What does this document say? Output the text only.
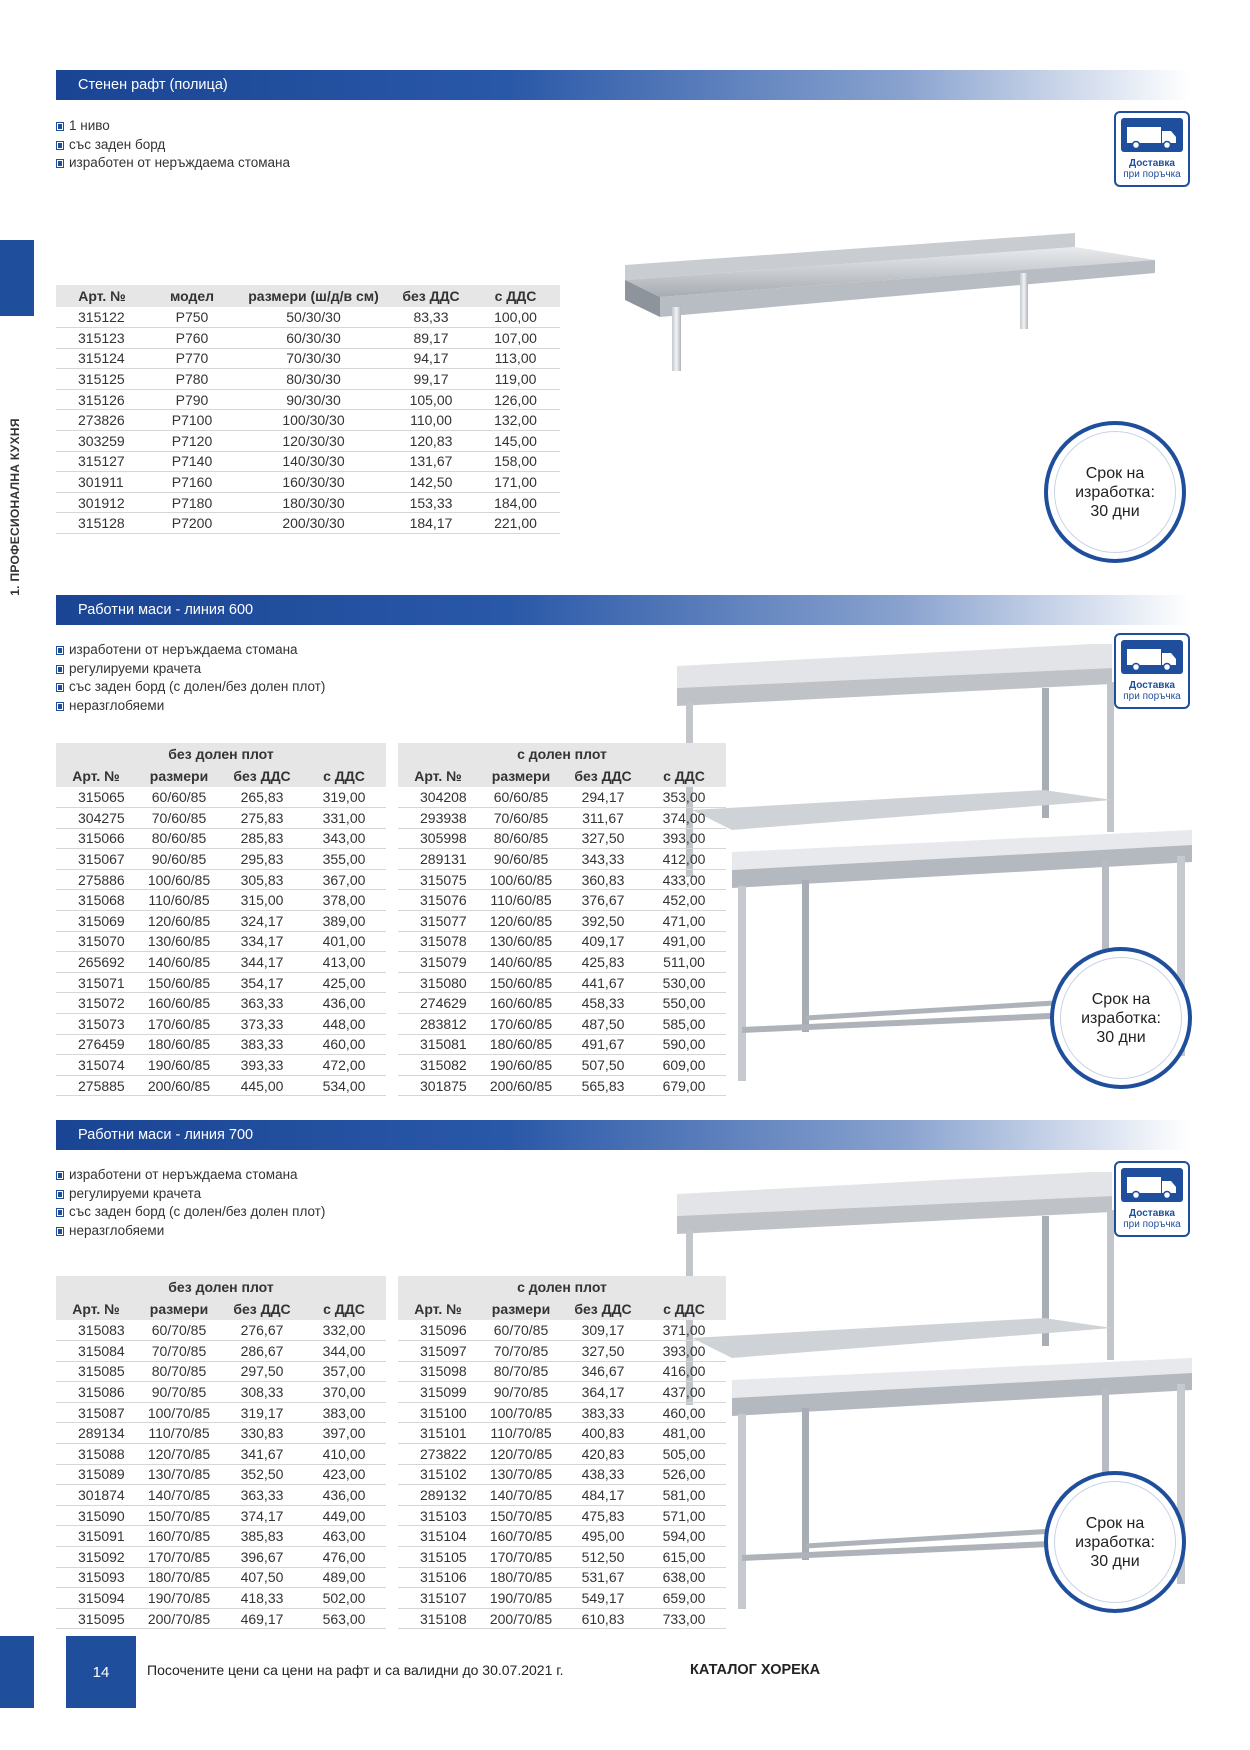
1. ПРОФЕСИОНАЛНА КУХНЯ
Стенен рафт (полица)
1 ниво
със заден борд
изработен от неръждаема стомана	Доставка
при поръчка
Срок на
изработка:
30 дни
Арт. №	модел	размери (ш/д/в см)	без ДДС	с ДДС
315122	P750	50/30/30	83,33	100,00
315123	P760	60/30/30	89,17	107,00
315124	P770	70/30/30	94,17	113,00
315125	P780	80/30/30	99,17	119,00
315126	P790	90/30/30	105,00	126,00
273826	P7100	100/30/30	110,00	132,00
303259	P7120	120/30/30	120,83	145,00
315127	P7140	140/30/30	131,67	158,00
301911	P7160	160/30/30	142,50	171,00
301912	P7180	180/30/30	153,33	184,00
315128	P7200	200/30/30	184,17	221,00
Работни маси - линия 600
изработени от неръждаема стомана
регулируеми крачета
със заден борд (с долен/без долен плот)
неразглобяеми
Доставка
при поръчка
Срок на
изработка:
30 дни
без долен плот			
Арт. №	размери	без ДДС	с ДДС
315065	60/60/85	265,83	319,00
304275	70/60/85	275,83	331,00
315066	80/60/85	285,83	343,00
315067	90/60/85	295,83	355,00
275886	100/60/85	305,83	367,00
315068	110/60/85	315,00	378,00
315069	120/60/85	324,17	389,00
315070	130/60/85	334,17	401,00
265692	140/60/85	344,17	413,00
315071	150/60/85	354,17	425,00
315072	160/60/85	363,33	436,00
315073	170/60/85	373,33	448,00
276459	180/60/85	383,33	460,00
315074	190/60/85	393,33	472,00
275885	200/60/85	445,00	534,00
с долен плот			
Арт. №	размери	без ДДС	с ДДС
304208	60/60/85	294,17	353,00
293938	70/60/85	311,67	374,00
305998	80/60/85	327,50	393,00
289131	90/60/85	343,33	412,00
315075	100/60/85	360,83	433,00
315076	110/60/85	376,67	452,00
315077	120/60/85	392,50	471,00
315078	130/60/85	409,17	491,00
315079	140/60/85	425,83	511,00
315080	150/60/85	441,67	530,00
274629	160/60/85	458,33	550,00
283812	170/60/85	487,50	585,00
315081	180/60/85	491,67	590,00
315082	190/60/85	507,50	609,00
301875	200/60/85	565,83	679,00
Работни маси - линия 700
изработени от неръждаема стомана
регулируеми крачета
със заден борд (с долен/без долен плот)
неразглобяеми
Доставка
при поръчка
Срок на
изработка:
30 дни
без долен плот			
Арт. №	размери	без ДДС	с ДДС
315083	60/70/85	276,67	332,00
315084	70/70/85	286,67	344,00
315085	80/70/85	297,50	357,00
315086	90/70/85	308,33	370,00
315087	100/70/85	319,17	383,00
289134	110/70/85	330,83	397,00
315088	120/70/85	341,67	410,00
315089	130/70/85	352,50	423,00
301874	140/70/85	363,33	436,00
315090	150/70/85	374,17	449,00
315091	160/70/85	385,83	463,00
315092	170/70/85	396,67	476,00
315093	180/70/85	407,50	489,00
315094	190/70/85	418,33	502,00
315095	200/70/85	469,17	563,00
с долен плот			
Арт. №	размери	без ДДС	с ДДС
315096	60/70/85	309,17	371,00
315097	70/70/85	327,50	393,00
315098	80/70/85	346,67	416,00
315099	90/70/85	364,17	437,00
315100	100/70/85	383,33	460,00
315101	110/70/85	400,83	481,00
273822	120/70/85	420,83	505,00
315102	130/70/85	438,33	526,00
289132	140/70/85	484,17	581,00
315103	150/70/85	475,83	571,00
315104	160/70/85	495,00	594,00
315105	170/70/85	512,50	615,00
315106	180/70/85	531,67	638,00
315107	190/70/85	549,17	659,00
315108	200/70/85	610,83	733,00
14	Посочените цени са цени на рафт и са валидни до 30.07.2021 г.	КАТАЛОГ ХОРЕКА
